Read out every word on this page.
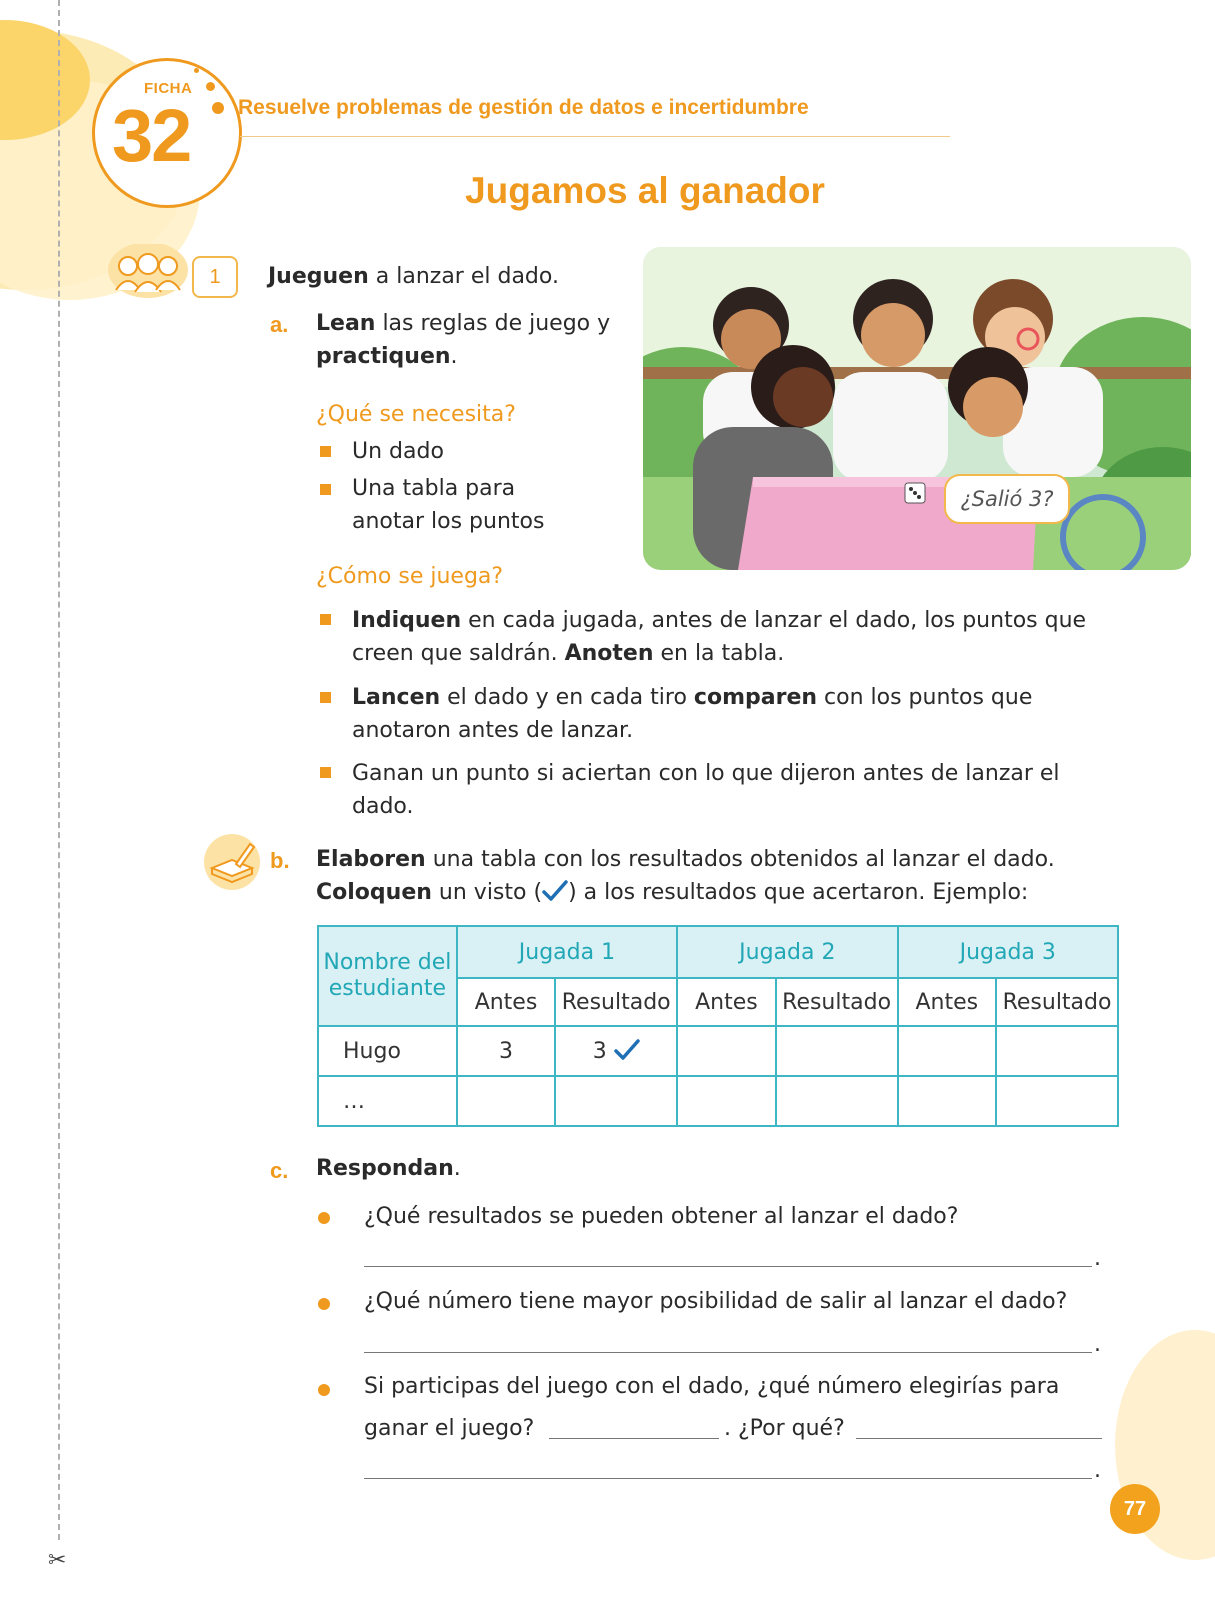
✂
FICHA
32 Resuelve problemas de gestión de datos e incertidumbre
Jugamos al ganador
1	Jueguen a lanzar el dado.
a. Lean las reglas de juego y
practiquen.
¿Qué se necesita?
Un dado
Una tabla para
anotar los puntos
¿Cómo se juega?
Indiquen en cada jugada, antes de lanzar el dado, los puntos que
creen que saldrán. Anoten en la tabla.
Lancen el dado y en cada tiro comparen con los puntos que
anotaron antes de lanzar.
Ganan un punto si aciertan con lo que dijeron antes de lanzar el
dado.
¿Salió 3?
b. Elaboren una tabla con los resultados obtenidos al lanzar el dado.
Coloquen un visto ( ) a los resultados que acertaron. Ejemplo:
Nombre del
estudiante	Jugada 1		Jugada 2		Jugada 3	
	Antes	Resultado	Antes	Resultado	Antes	Resultado
Hugo	3	3				
…						
c. Respondan.
¿Qué resultados se pueden obtener al lanzar el dado?
.
¿Qué número tiene mayor posibilidad de salir al lanzar el dado?
.
Si participas del juego con el dado, ¿qué número elegirías para
ganar el juego?	. ¿Por qué?
.
77
